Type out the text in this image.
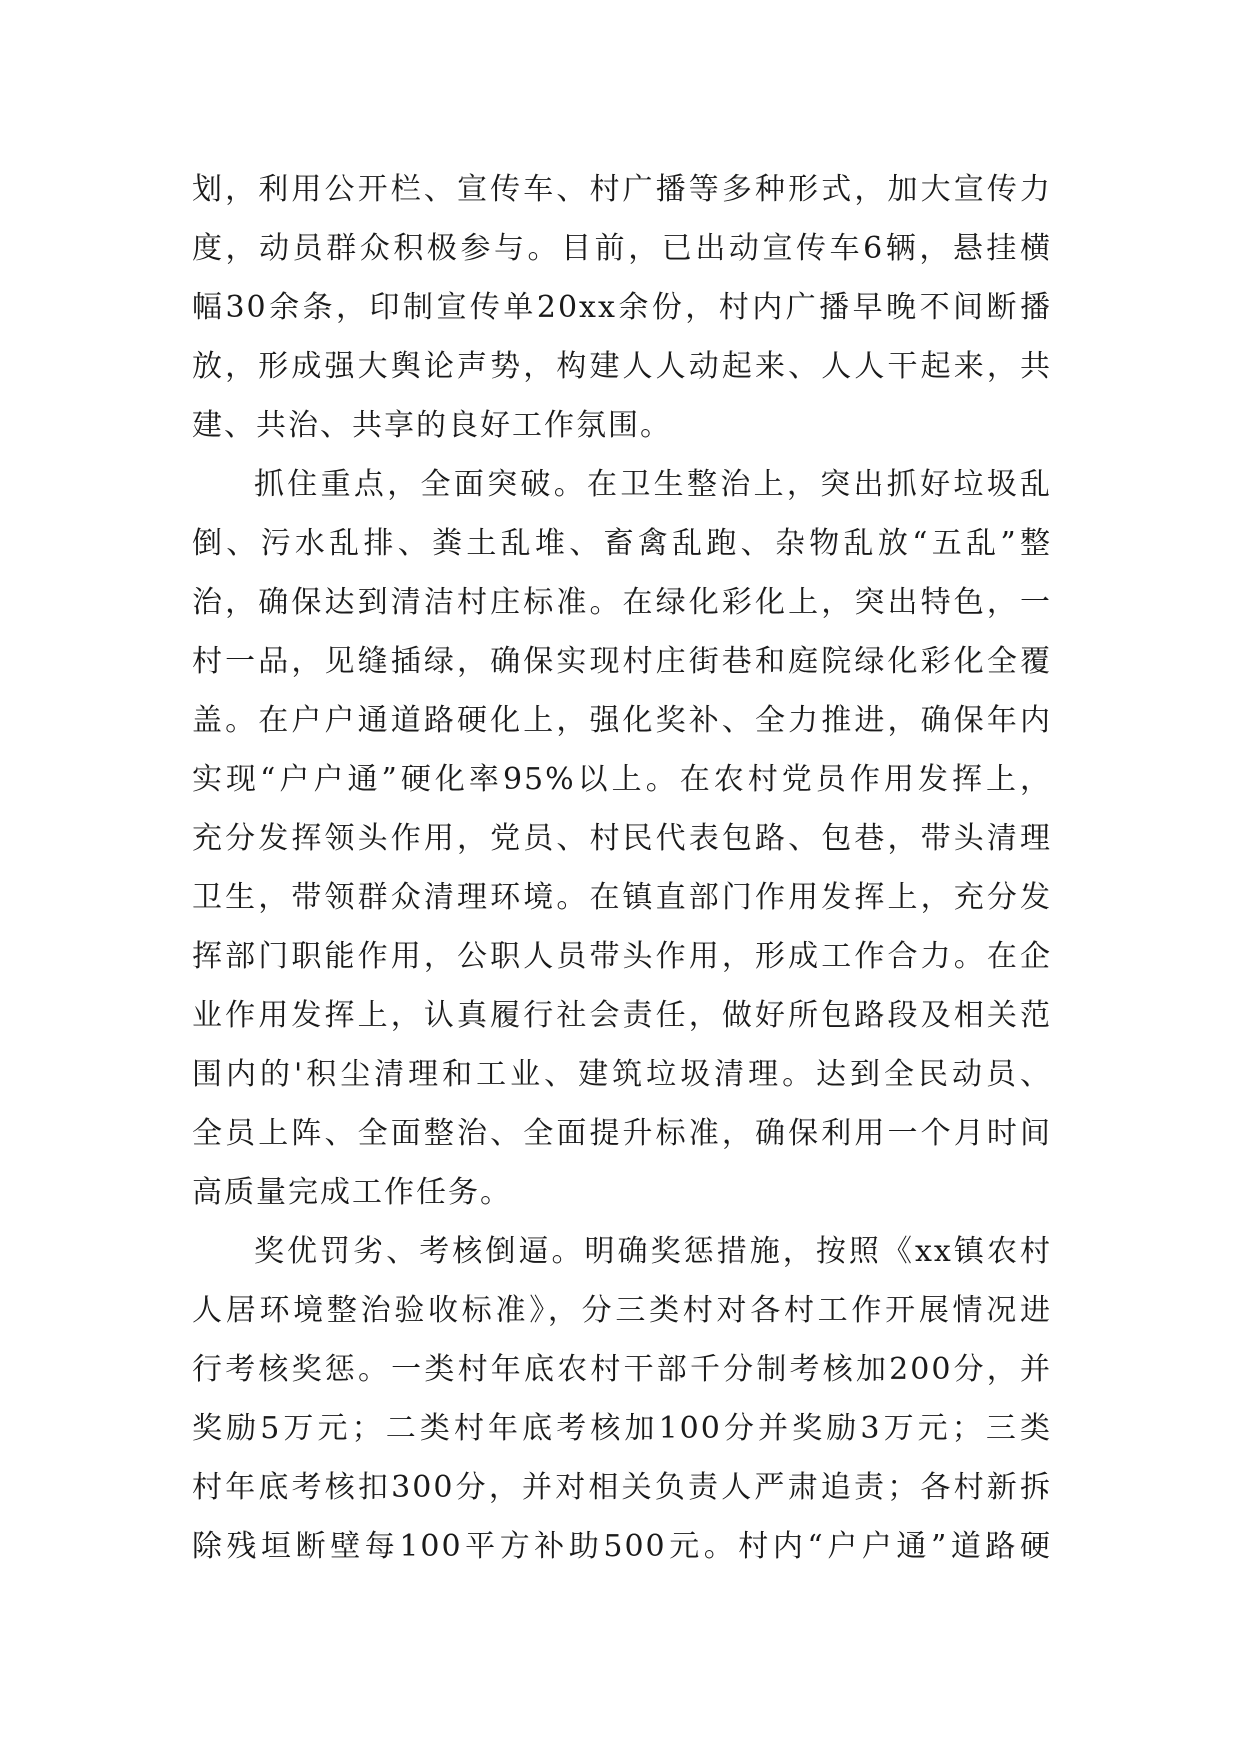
划，利用公开栏、宣传车、村广播等多种形式，加大宣传力
度，动员群众积极参与。目前，已出动宣传车6辆，悬挂横
幅30余条，印制宣传单20xx余份，村内广播早晚不间断播
放，形成强大舆论声势，构建人人动起来、人人干起来，共
建、共治、共享的良好工作氛围。
抓住重点，全面突破。在卫生整治上，突出抓好垃圾乱
倒、污水乱排、粪土乱堆、畜禽乱跑、杂物乱放“五乱”整
治，确保达到清洁村庄标准。在绿化彩化上，突出特色，一
村一品，见缝插绿，确保实现村庄街巷和庭院绿化彩化全覆
盖。在户户通道路硬化上，强化奖补、全力推进，确保年内
实现“户户通”硬化率95%以上。在农村党员作用发挥上，
充分发挥领头作用，党员、村民代表包路、包巷，带头清理
卫生，带领群众清理环境。在镇直部门作用发挥上，充分发
挥部门职能作用，公职人员带头作用，形成工作合力。在企
业作用发挥上，认真履行社会责任，做好所包路段及相关范
围内的'积尘清理和工业、建筑垃圾清理。达到全民动员、
全员上阵、全面整治、全面提升标准，确保利用一个月时间
高质量完成工作任务。
奖优罚劣、考核倒逼。明确奖惩措施，按照《xx镇农村
人居环境整治验收标准》，分三类村对各村工作开展情况进
行考核奖惩。一类村年底农村干部千分制考核加200分，并
奖励5万元；二类村年底考核加100分并奖励3万元；三类
村年底考核扣300分，并对相关负责人严肃追责；各村新拆
除残垣断壁每100平方补助500元。村内“户户通”道路硬
